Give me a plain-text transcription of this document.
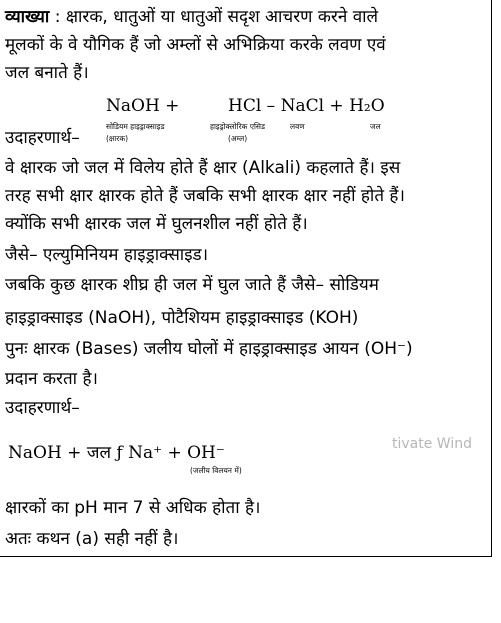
व्याख्या : क्षारक, धातुओं या धातुओं सदृश आचरण करने वाले
मूलकों के वे यौगिक हैं जो अम्लों से अभिक्रिया करके लवण एवं
जल बनाते हैं।
NaOH +	HCl – NaCl + H₂O
सोडियम हाइड्राक्साइड
(क्षारक)
हाइड्रोक्लोरिक एसिड
(अम्ल)
लवण	जल
उदाहरणार्थ–
वे क्षारक जो जल में विलेय होते हैं क्षार (Alkali) कहलाते हैं। इस
तरह सभी क्षार क्षारक होते हैं जबकि सभी क्षारक क्षार नहीं होते हैं।
क्योंकि सभी क्षारक जल में घुलनशील नहीं होते हैं।
जैसे– एल्युमिनियम हाइड्राक्साइड।
जबकि कुछ क्षारक शीघ्र ही जल में घुल जाते हैं जैसे– सोडियम
हाइड्राक्साइड (NaOH), पोटैशियम हाइड्राक्साइड (KOH)
पुनः क्षारक (Bases) जलीय घोलों में हाइड्राक्साइड आयन (OH⁻)
प्रदान करता है।
उदाहरणार्थ–
NaOH + जल ƒ Na⁺ + OH⁻
(जलीय विलयन में)
tivate Wind
क्षारकों का pH मान 7 से अधिक होता है।
अतः कथन (a) सही नहीं है।
